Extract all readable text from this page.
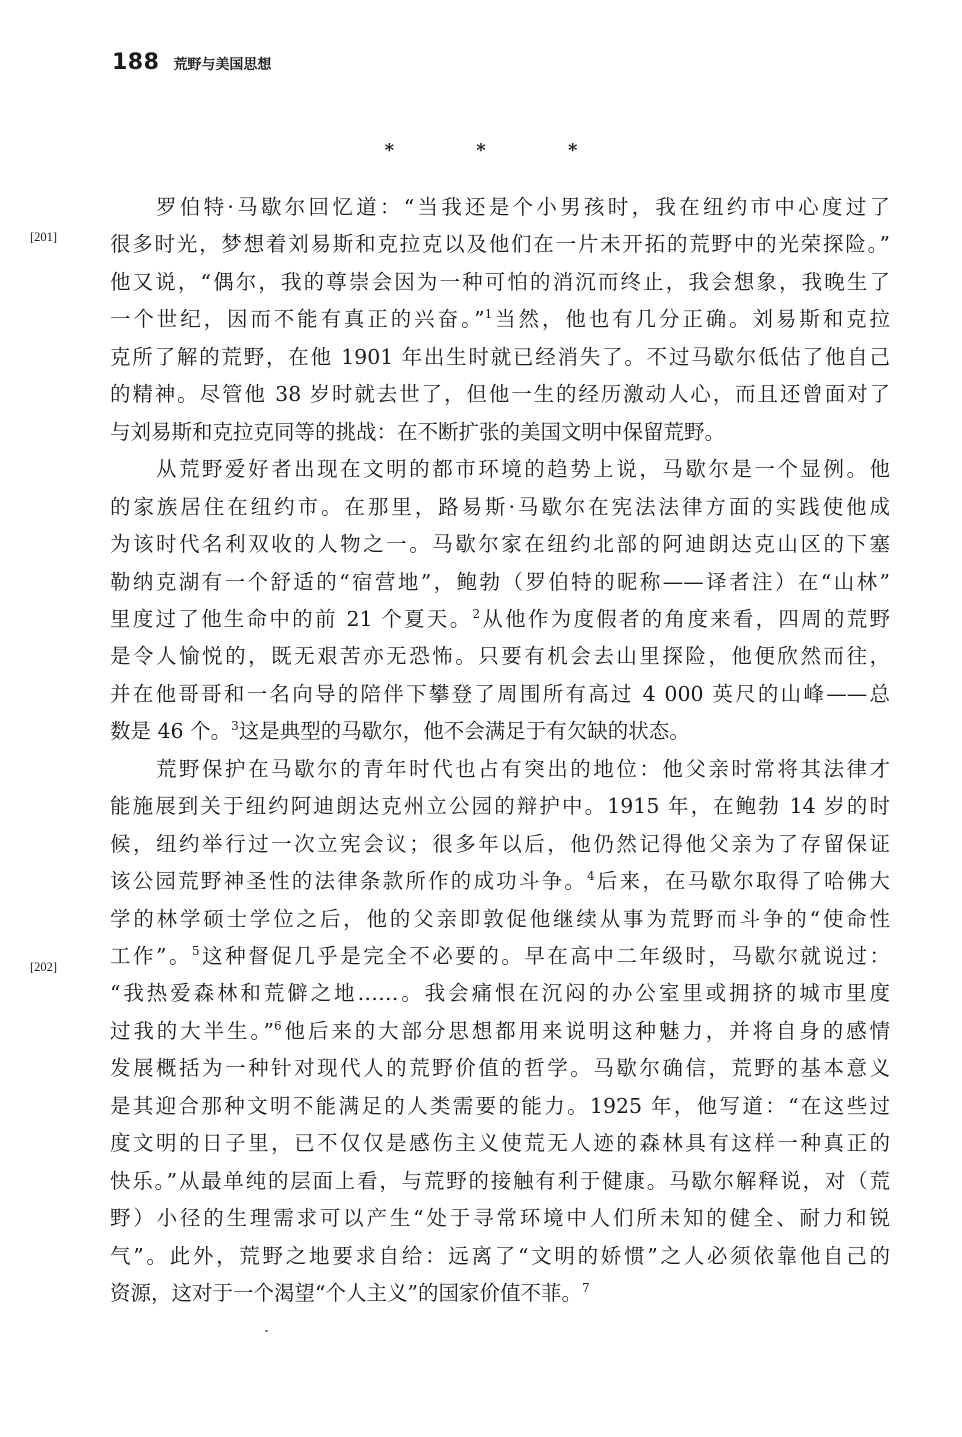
188 荒野与美国思想
* * *
[201]
[202]
罗伯特·马歇尔回忆道：“当我还是个小男孩时，我在纽约市中心度过了
很多时光，梦想着刘易斯和克拉克以及他们在一片未开拓的荒野中的光荣探险。”
他又说，“偶尔，我的尊崇会因为一种可怕的消沉而终止，我会想象，我晚生了
一个世纪，因而不能有真正的兴奋。”$^1$当然，他也有几分正确。刘易斯和克拉
克所了解的荒野，在他 1901 年出生时就已经消失了。不过马歇尔低估了他自己
的精神。尽管他 38 岁时就去世了，但他一生的经历激动人心，而且还曾面对了
与刘易斯和克拉克同等的挑战：在不断扩张的美国文明中保留荒野。
从荒野爱好者出现在文明的都市环境的趋势上说，马歇尔是一个显例。他
的家族居住在纽约市。在那里，路易斯·马歇尔在宪法法律方面的实践使他成
为该时代名利双收的人物之一。马歇尔家在纽约北部的阿迪朗达克山区的下塞
勒纳克湖有一个舒适的“宿营地”，鲍勃（罗伯特的昵称——译者注）在“山林”
里度过了他生命中的前 21 个夏天。$^2$从他作为度假者的角度来看，四周的荒野
是令人愉悦的，既无艰苦亦无恐怖。只要有机会去山里探险，他便欣然而往，
并在他哥哥和一名向导的陪伴下攀登了周围所有高过 4 000 英尺的山峰——总
数是 46 个。$^3$这是典型的马歇尔，他不会满足于有欠缺的状态。
荒野保护在马歇尔的青年时代也占有突出的地位：他父亲时常将其法律才
能施展到关于纽约阿迪朗达克州立公园的辩护中。1915 年，在鲍勃 14 岁的时
候，纽约举行过一次立宪会议；很多年以后，他仍然记得他父亲为了存留保证
该公园荒野神圣性的法律条款所作的成功斗争。$^4$后来，在马歇尔取得了哈佛大
学的林学硕士学位之后，他的父亲即敦促他继续从事为荒野而斗争的“使命性
工作”。$^5$这种督促几乎是完全不必要的。早在高中二年级时，马歇尔就说过：
“我热爱森林和荒僻之地……。我会痛恨在沉闷的办公室里或拥挤的城市里度
过我的大半生。”$^6$他后来的大部分思想都用来说明这种魅力，并将自身的感情
发展概括为一种针对现代人的荒野价值的哲学。马歇尔确信，荒野的基本意义
是其迎合那种文明不能满足的人类需要的能力。1925 年，他写道：“在这些过
度文明的日子里，已不仅仅是感伤主义使荒无人迹的森林具有这样一种真正的
快乐。”从最单纯的层面上看，与荒野的接触有利于健康。马歇尔解释说，对（荒
野）小径的生理需求可以产生“处于寻常环境中人们所未知的健全、耐力和锐
气”。此外，荒野之地要求自给：远离了“文明的娇惯”之人必须依靠他自己的
资源，这对于一个渴望“个人主义”的国家价值不菲。$^7$
